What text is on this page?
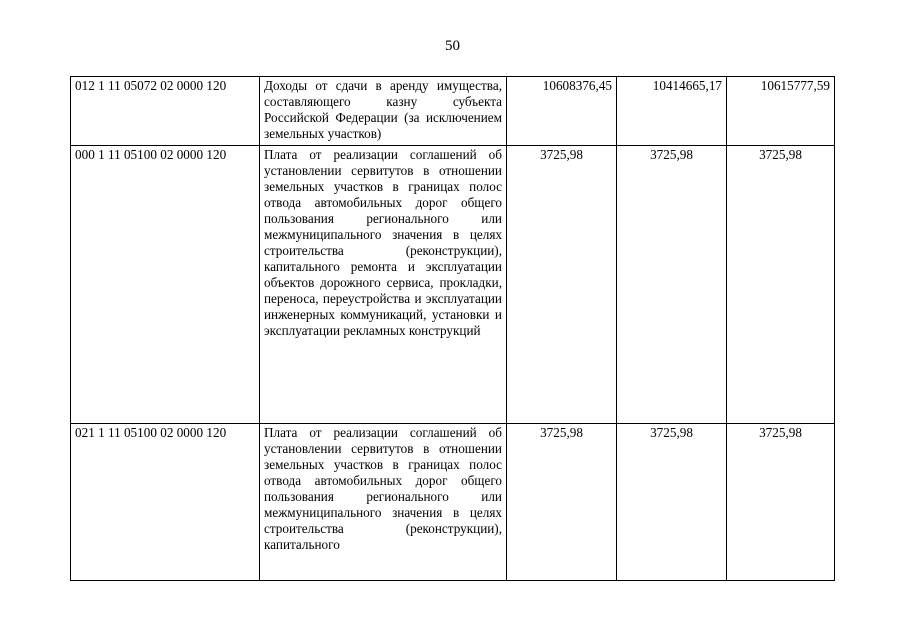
50
012 1 11 05072 02 0000 120	Доходы от сдачи в аренду имущества, составляющего казну субъекта Российской Федерации (за исключением земельных участков)	10608376,45	10414665,17	10615777,59
000 1 11 05100 02 0000 120	Плата от реализации соглашений об установлении сервитутов в отношении земельных участков в границах полос отвода автомобильных дорог общего пользования регионального или межмуниципального значения в целях строительства (реконструкции), капитального ремонта и эксплуатации объектов дорожного сервиса, прокладки, переноса, переустройства и эксплуатации инженерных коммуникаций, установки и эксплуатации рекламных конструкций	3725,98	3725,98	3725,98
021 1 11 05100 02 0000 120	Плата от реализации соглашений об установлении сервитутов в отношении земельных участков в границах полос отвода автомобильных дорог общего пользования регионального или межмуниципального значения в целях строительства (реконструкции), капитального	3725,98	3725,98	3725,98
